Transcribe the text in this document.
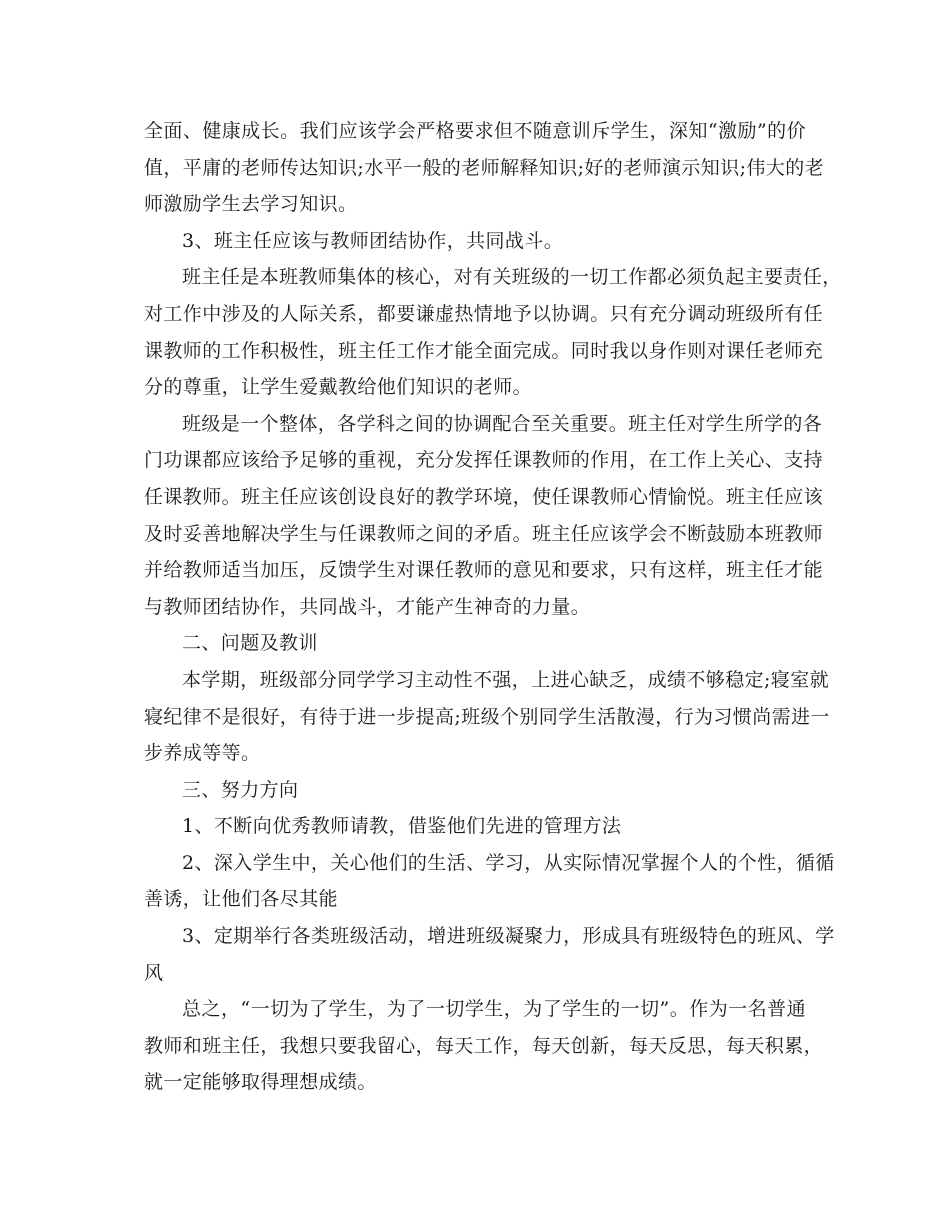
全面、健康成长。我们应该学会严格要求但不随意训斥学生，深知“激励”的价
值，平庸的老师传达知识;水平一般的老师解释知识;好的老师演示知识;伟大的老
师激励学生去学习知识。
3、班主任应该与教师团结协作，共同战斗。
班主任是本班教师集体的核心，对有关班级的一切工作都必须负起主要责任，
对工作中涉及的人际关系，都要谦虚热情地予以协调。只有充分调动班级所有任
课教师的工作积极性，班主任工作才能全面完成。同时我以身作则对课任老师充
分的尊重，让学生爱戴教给他们知识的老师。
班级是一个整体，各学科之间的协调配合至关重要。班主任对学生所学的各
门功课都应该给予足够的重视，充分发挥任课教师的作用，在工作上关心、支持
任课教师。班主任应该创设良好的教学环境，使任课教师心情愉悦。班主任应该
及时妥善地解决学生与任课教师之间的矛盾。班主任应该学会不断鼓励本班教师
并给教师适当加压，反馈学生对课任教师的意见和要求，只有这样，班主任才能
与教师团结协作，共同战斗，才能产生神奇的力量。
二、问题及教训
本学期，班级部分同学学习主动性不强，上进心缺乏，成绩不够稳定;寝室就
寝纪律不是很好，有待于进一步提高;班级个别同学生活散漫，行为习惯尚需进一
步养成等等。
三、努力方向
1、不断向优秀教师请教，借鉴他们先进的管理方法
2、深入学生中，关心他们的生活、学习，从实际情况掌握个人的个性，循循
善诱，让他们各尽其能
3、定期举行各类班级活动，增进班级凝聚力，形成具有班级特色的班风、学
风
总之，“一切为了学生，为了一切学生，为了学生的一切”。作为一名普通
教师和班主任，我想只要我留心，每天工作，每天创新，每天反思，每天积累，
就一定能够取得理想成绩。
